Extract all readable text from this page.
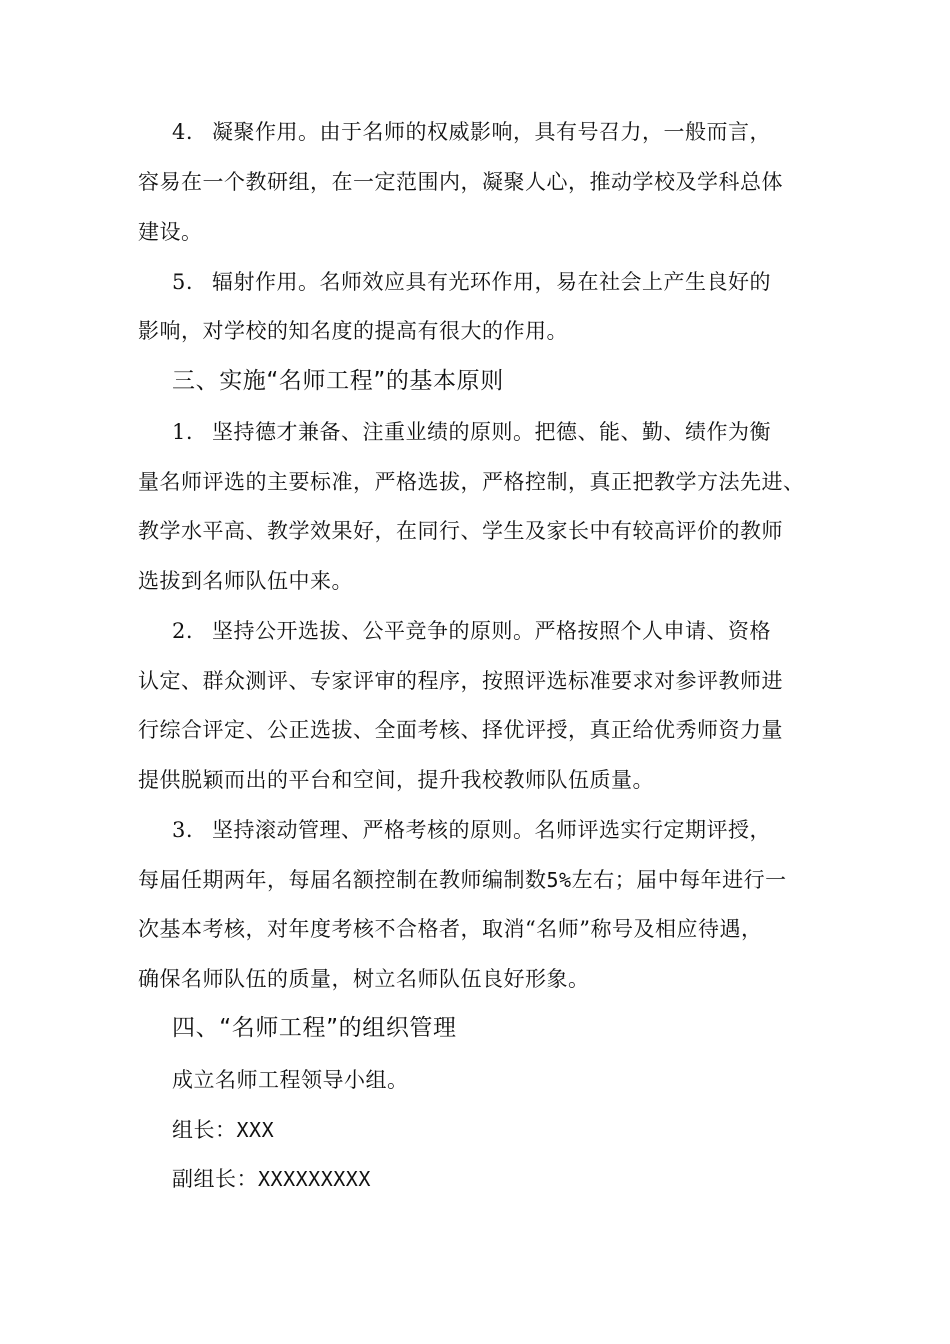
4. 凝聚作用。由于名师的权威影响，具有号召力，一般而言，
容易在一个教研组，在一定范围内，凝聚人心，推动学校及学科总体
建设。
5. 辐射作用。名师效应具有光环作用，易在社会上产生良好的
影响，对学校的知名度的提高有很大的作用。
三、实施“名师工程”的基本原则
1. 坚持德才兼备、注重业绩的原则。把德、能、勤、绩作为衡
量名师评选的主要标准，严格选拔，严格控制，真正把教学方法先进、
教学水平高、教学效果好，在同行、学生及家长中有较高评价的教师
选拔到名师队伍中来。
2. 坚持公开选拔、公平竞争的原则。严格按照个人申请、资格
认定、群众测评、专家评审的程序，按照评选标准要求对参评教师进
行综合评定、公正选拔、全面考核、择优评授，真正给优秀师资力量
提供脱颖而出的平台和空间，提升我校教师队伍质量。
3. 坚持滚动管理、严格考核的原则。名师评选实行定期评授，
每届任期两年，每届名额控制在教师编制数5%左右；届中每年进行一
次基本考核，对年度考核不合格者，取消“名师”称号及相应待遇，
确保名师队伍的质量，树立名师队伍良好形象。
四、“名师工程”的组织管理
成立名师工程领导小组。
组长：XXX
副组长：XXXXXXXXX
